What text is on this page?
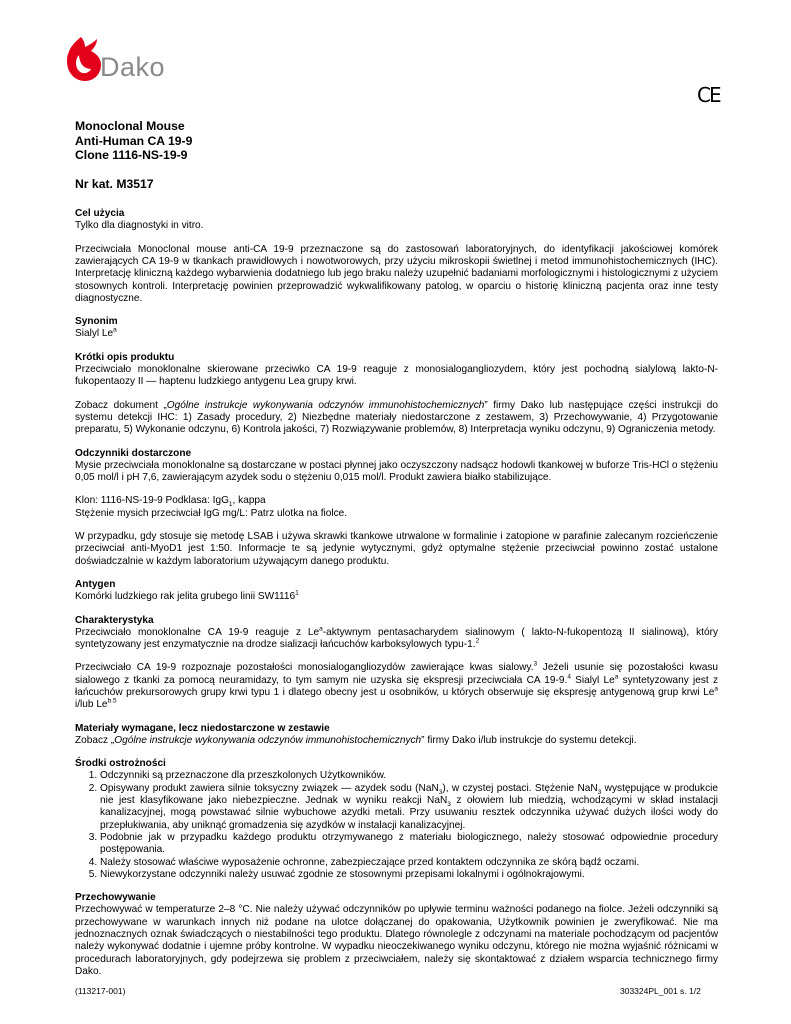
Dako
CE
Monoclonal Mouse
Anti-Human CA 19-9
Clone 1116-NS-19-9
Nr kat. M3517
Cel użycia

Tylko dla diagnostyki in vitro.

Przeciwciała Monoclonal mouse anti-CA 19-9 przeznaczone są do zastosowań laboratoryjnych, do identyfikacji jakościowej komórek zawierających CA 19-9 w tkankach prawidłowych i nowotworowych, przy użyciu mikroskopii świetlnej i metod immunohistochemicznych (IHC). Interpretację kliniczną każdego wybarwienia dodatniego lub jego braku należy uzupełnić badaniami morfologicznymi i histologicznymi z użyciem stosownych kontroli. Interpretację powinien przeprowadzić wykwalifikowany patolog, w oparciu o historię kliniczną pacjenta oraz inne testy diagnostyczne.

Synonim

Sialyl Le$^a$

Krótki opis produktu

Przeciwciało monoklonalne skierowane przeciwko CA 19-9 reaguje z monosialogangliozydem, który jest pochodną sialylową lakto-N-fukopentaozy II — haptenu ludzkiego antygenu Lea grupy krwi.

Zobacz dokument „Ogólne instrukcje wykonywania odczynów immunohistochemicznych” firmy Dako lub następujące części instrukcji do systemu detekcji IHC: 1) Zasady procedury, 2) Niezbędne materiały niedostarczone z zestawem, 3) Przechowywanie, 4) Przygotowanie preparatu, 5) Wykonanie odczynu, 6) Kontrola jakości, 7) Rozwiązywanie problemów, 8) Interpretacja wyniku odczynu, 9) Ograniczenia metody.

Odczynniki dostarczone

Mysie przeciwciała monoklonalne są dostarczane w postaci płynnej jako oczyszczony nadsącz hodowli tkankowej w buforze Tris-HCl o stężeniu 0,05 mol/l i pH 7,6, zawierającym azydek sodu o stężeniu 0,015 mol/l. Produkt zawiera białko stabilizujące.

Klon: 1116-NS-19-9 Podklasa: IgG$_1$, kappa

Stężenie mysich przeciwciał IgG mg/L: Patrz ulotka na fiolce.

W przypadku, gdy stosuje się metodę LSAB i używa skrawki tkankowe utrwalone w formalinie i zatopione w parafinie zalecanym rozcieńczenie przeciwciał anti-MyoD1 jest 1:50. Informacje te są jedynie wytycznymi, gdyż optymalne stężenie przeciwciał powinno zostać ustalone doświadczalnie w każdym laboratorium używającym danego produktu.

Antygen

Komórki ludzkiego rak jelita grubego linii SW1116$^1$

Charakterystyka

Przeciwciało monoklonalne CA 19-9 reaguje z Le$^a$-aktywnym pentasacharydem sialinowym ( lakto-N-fukopentozą II sialinową), który syntetyzowany jest enzymatycznie na drodze sializacji łańcuchów karboksylowych typu-1.$^2$

Przeciwciało CA 19-9 rozpoznaje pozostałości monosialogangliozydów zawierające kwas sialowy.$^3$ Jeżeli usunie się pozostałości kwasu sialowego z tkanki za pomocą neuramidazy, to tym samym nie uzyska się ekspresji przeciwciała CA 19-9.$^4$ Sialyl Le$^a$ syntetyzowany jest z łańcuchów prekursorowych grupy krwi typu 1 i dlatego obecny jest u osobników, u których obserwuje się ekspresję antygenową grup krwi Le$^a$ i/lub $Le^{b.5}$

Materiały wymagane, lecz niedostarczone w zestawie

Zobacz „Ogólne instrukcje wykonywania odczynów immunohistochemicznych” firmy Dako i/lub instrukcje do systemu detekcji.

Środki ostrożności
1. Odczynniki są przeznaczone dla przeszkolonych Użytkowników.
2. Opisywany produkt zawiera silnie toksyczny związek — azydek sodu (NaN$_3$), w czystej postaci. Stężenie NaN$_3$ występujące w produkcie nie jest klasyfikowane jako niebezpieczne. Jednak w wyniku reakcji NaN$_3$ z ołowiem lub miedzią, wchodzącymi w skład instalacji kanalizacyjnej, mogą powstawać silnie wybuchowe azydki metali. Przy usuwaniu resztek odczynnika używać dużych ilości wody do przepłukiwania, aby uniknąć gromadzenia się azydków w instalacji kanalizacyjnej.
3. Podobnie jak w przypadku każdego produktu otrzymywanego z materiału biologicznego, należy stosować odpowiednie procedury postępowania.
4. Należy stosować właściwe wyposażenie ochronne, zabezpieczające przed kontaktem odczynnika ze skórą bądź oczami.
5. Niewykorzystane odczynniki należy usuwać zgodnie ze stosownymi przepisami lokalnymi i ogólnokrajowymi.
Przechowywanie

Przechowywać w temperaturze 2–8 °C. Nie należy używać odczynników po upływie terminu ważności podanego na fiolce. Jeżeli odczynniki są przechowywane w warunkach innych niż podane na ulotce dołączanej do opakowania, Użytkownik powinien je zweryfikować. Nie ma jednoznacznych oznak świadczących o niestabilności tego produktu. Dlatego równolegle z odczynami na materiale pochodzącym od pacjentów należy wykonywać dodatnie i ujemne próby kontrolne. W wypadku nieoczekiwanego wyniku odczynu, którego nie można wyjaśnić różnicami w procedurach laboratoryjnych, gdy podejrzewa się problem z przeciwciałem, należy się skontaktować z działem wsparcia technicznego firmy Dako.

(113217-001)	303324PL_001 s. 1/2
